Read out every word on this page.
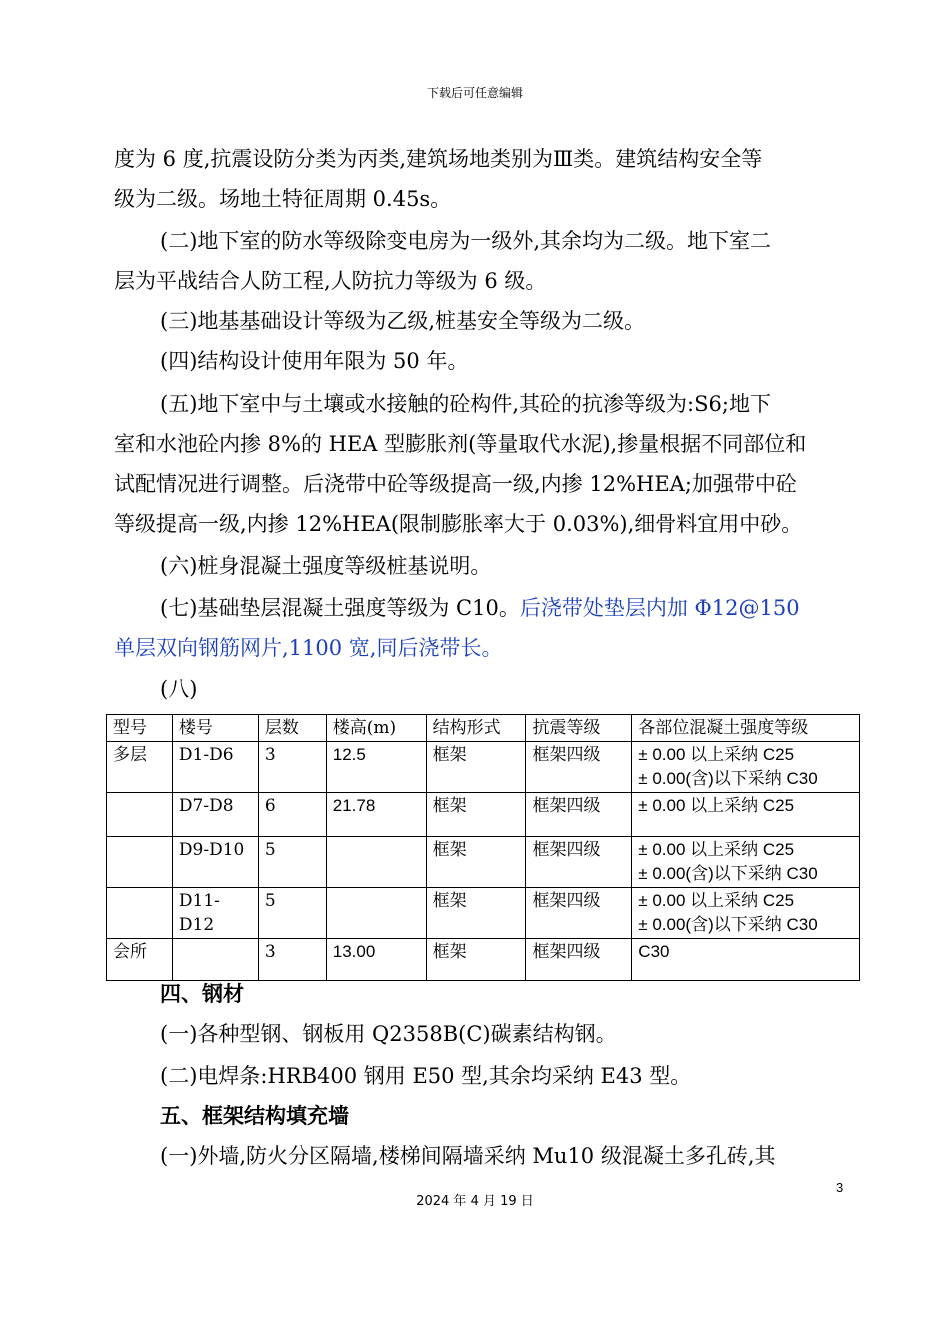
下载后可任意编辑

度为 6 度,抗震设防分类为丙类,建筑场地类别为Ⅲ类。建筑结构安全等

级为二级。场地土特征周期 0.45s。

(二)地下室的防水等级除变电房为一级外,其余均为二级。地下室二

层为平战结合人防工程,人防抗力等级为 6 级。

(三)地基基础设计等级为乙级,桩基安全等级为二级。

(四)结构设计使用年限为 50 年。

(五)地下室中与土壤或水接触的砼构件,其砼的抗渗等级为:S6;地下

室和水池砼内掺 8%的 HEA 型膨胀剂(等量取代水泥),掺量根据不同部位和

试配情况进行调整。后浇带中砼等级提高一级,内掺 12%HEA;加强带中砼

等级提高一级,内掺 12%HEA(限制膨胀率大于 0.03%),细骨料宜用中砂。

(六)桩身混凝土强度等级桩基说明。

(七)基础垫层混凝土强度等级为 C10。后浇带处垫层内加 Φ12@150

单层双向钢筋网片,1100 宽,同后浇带长。

(八)

型号	楼号	层数	楼高(m)	结构形式	抗震等级	各部位混凝土强度等级
多层	D1-D6	3	12.5	框架	框架四级	± 0.00 以上采纳 C25
± 0.00(含)以下采纳 C30

	D7-D8	6	21.78	框架	框架四级	± 0.00 以上采纳 C25

	D9-D10	5		框架	框架四级	± 0.00 以上采纳 C25
± 0.00(含)以下采纳 C30

	D11-D12	5		框架	框架四级	± 0.00 以上采纳 C25
± 0.00(含)以下采纳 C30

会所		3	13.00	框架	框架四级	C30

四、钢材

(一)各种型钢、钢板用 Q2358B(C)碳素结构钢。

(二)电焊条:HRB400 钢用 E50 型,其余均采纳 E43 型。

五、框架结构填充墙

(一)外墙,防火分区隔墙,楼梯间隔墙采纳 Mu10 级混凝土多孔砖,其

3
2024 年 4 月 19 日
